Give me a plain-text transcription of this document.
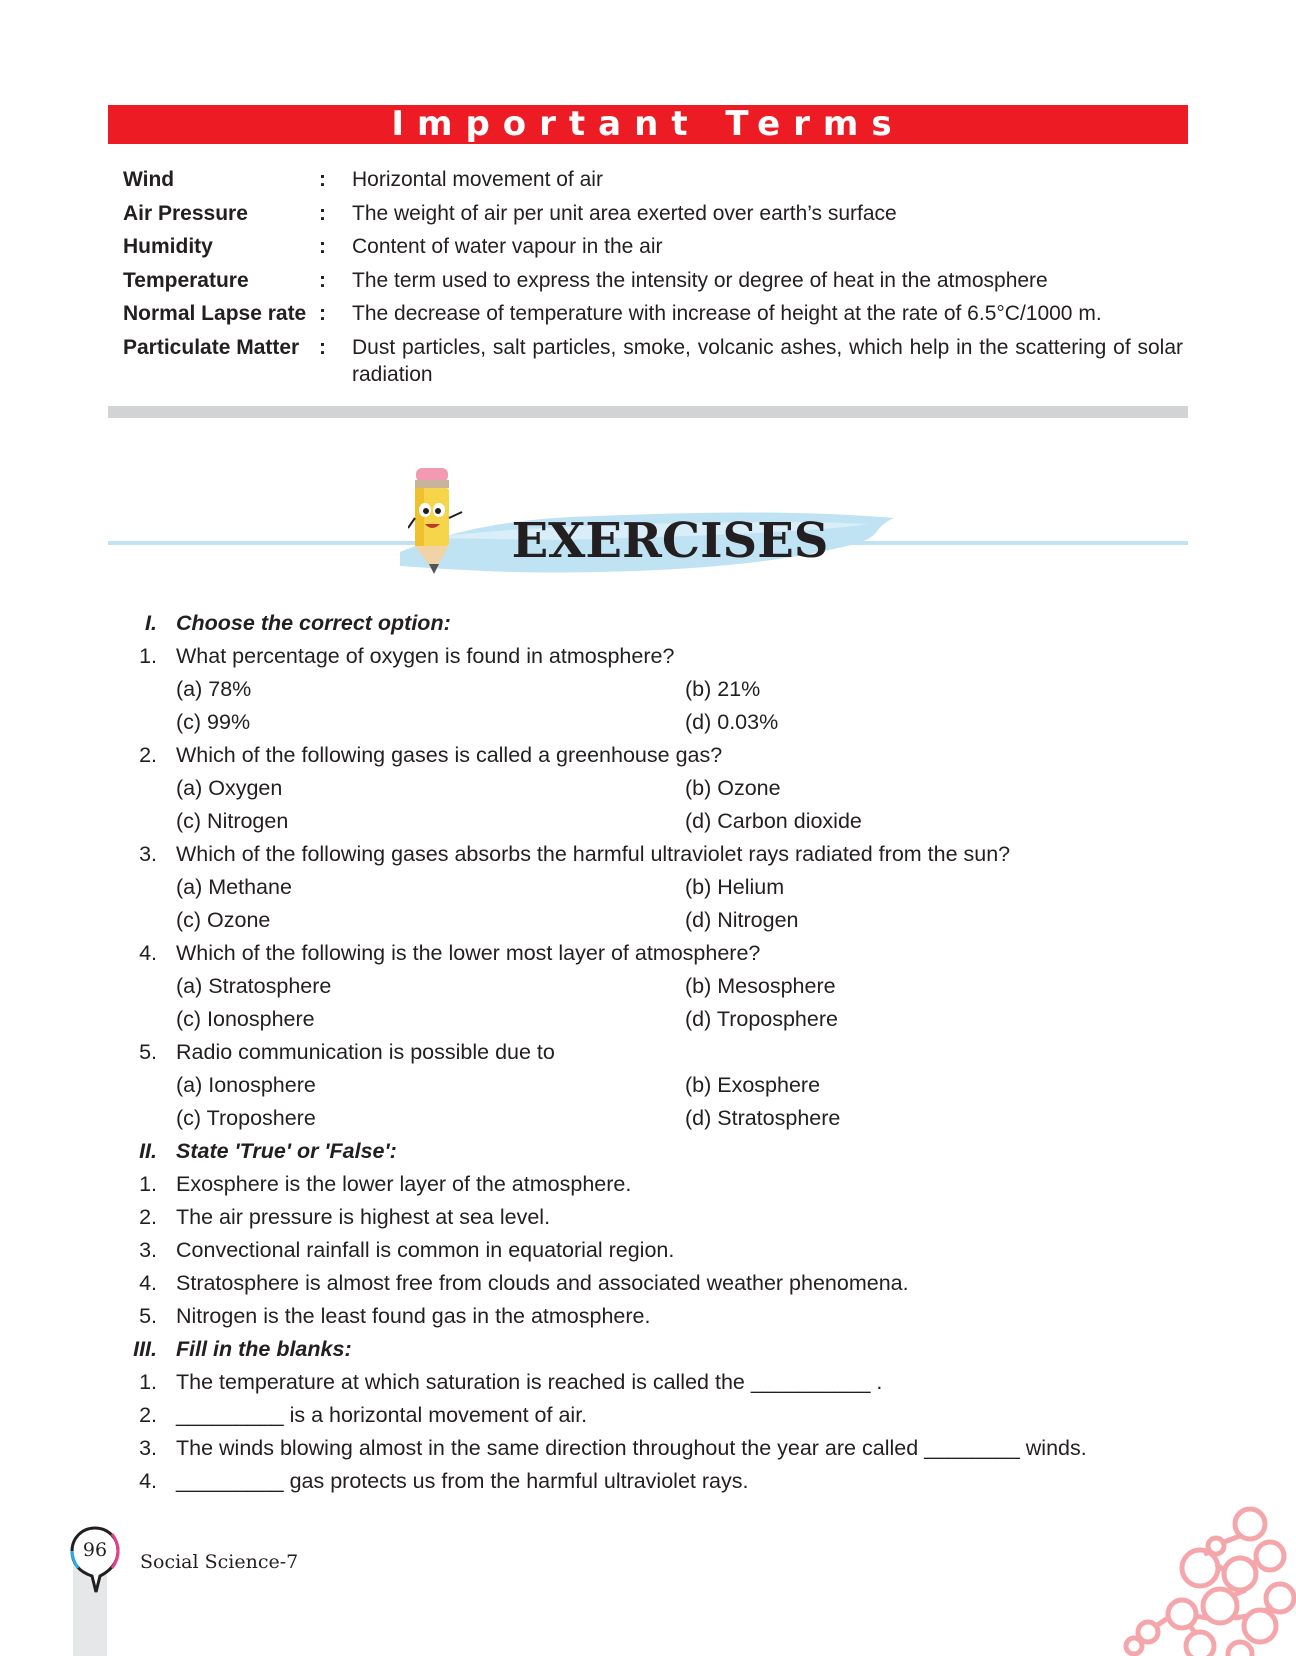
Important Terms
Wind	:	Horizontal movement of air
Air Pressure	:	The weight of air per unit area exerted over earth’s surface
Humidity	:	Content of water vapour in the air
Temperature	:	The term used to express the intensity or degree of heat in the atmosphere
Normal Lapse rate :	The decrease of temperature with increase of height at the rate of 6.5°C/1000 m.
Particulate Matter :	Dust particles, salt particles, smoke, volcanic ashes, which help in the scattering of solar radiation
EXERCISES
I. Choose the correct option:
1. What percentage of oxygen is found in atmosphere?
(a) 78%	(b) 21%
(c) 99%	(d) 0.03%
2. Which of the following gases is called a greenhouse gas?
(a) Oxygen	(b) Ozone
(c) Nitrogen	(d) Carbon dioxide
3. Which of the following gases absorbs the harmful ultraviolet rays radiated from the sun?
(a) Methane	(b) Helium
(c) Ozone	(d) Nitrogen
4. Which of the following is the lower most layer of atmosphere?
(a) Stratosphere	(b) Mesosphere
(c) Ionosphere	(d) Troposphere
5. Radio communication is possible due to
(a) Ionosphere	(b) Exosphere
(c) Troposhere	(d) Stratosphere
II. State 'True' or 'False':
1. Exosphere is the lower layer of the atmosphere.
2. The air pressure is highest at sea level.
3. Convectional rainfall is common in equatorial region.
4. Stratosphere is almost free from clouds and associated weather phenomena.
5. Nitrogen is the least found gas in the atmosphere.
III. Fill in the blanks:
1. The temperature at which saturation is reached is called the __________ .
2. _________ is a horizontal movement of air.
3. The winds blowing almost in the same direction throughout the year are called ________ winds.
4. _________ gas protects us from the harmful ultraviolet rays.
96
Social Science-7
